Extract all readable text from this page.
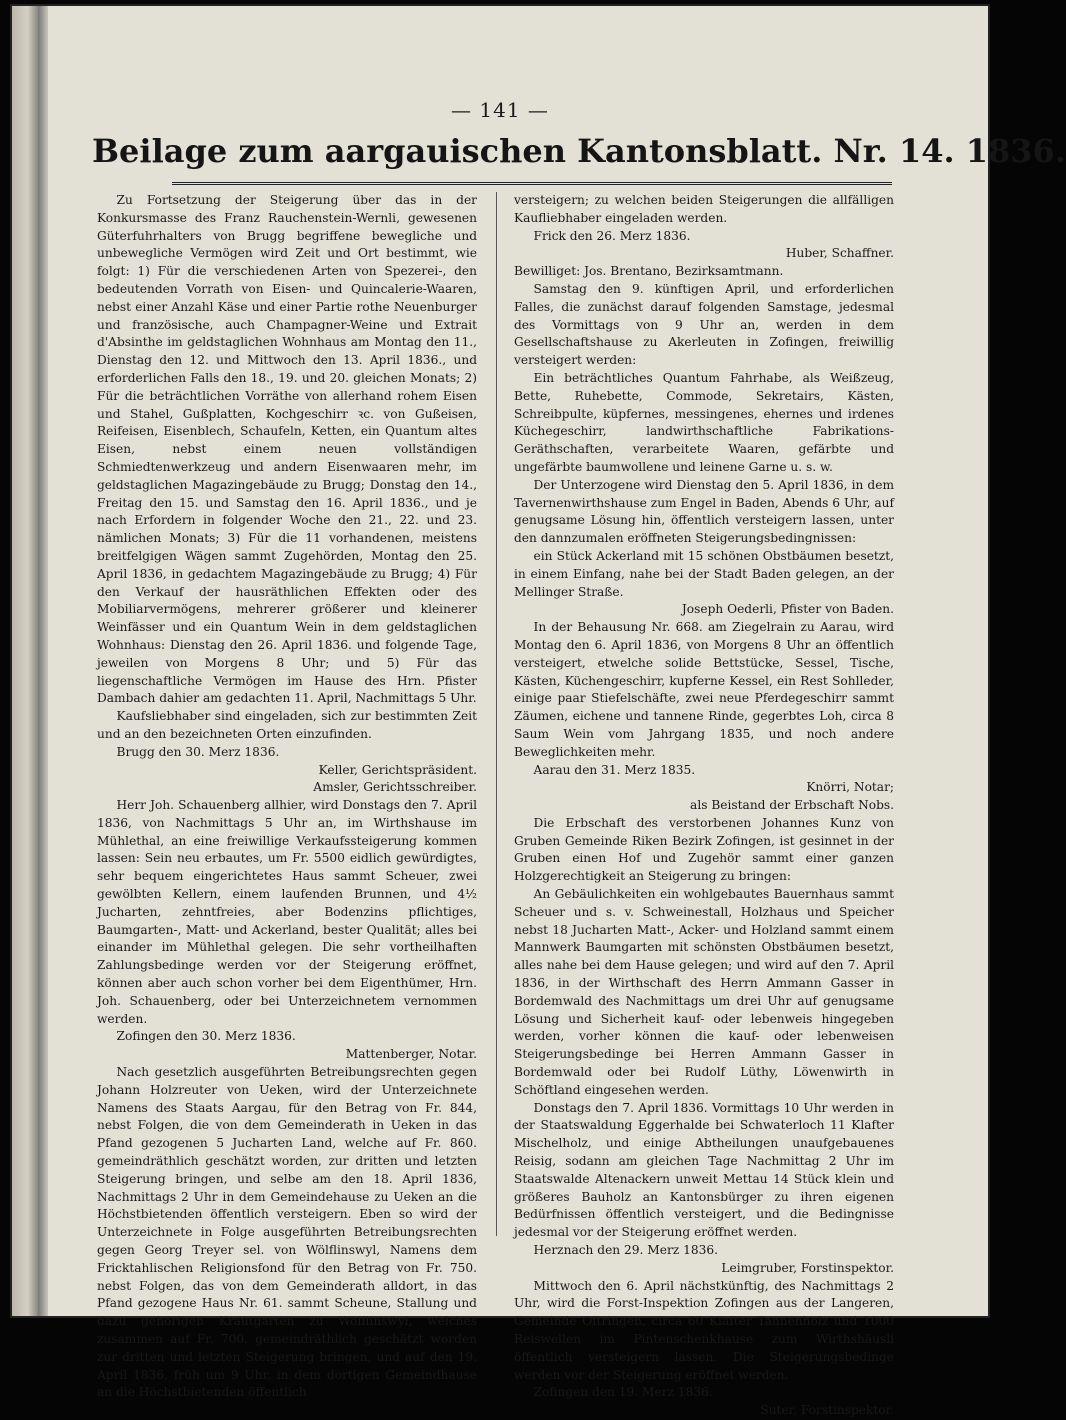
— 141 —
Beilage zum aargauischen Kantonsblatt. Nr. 14. 1836.

Zu Fortsetzung der Steigerung über das in der Konkursmasse des Franz Rauchenstein-Wernli, gewesenen Güterfuhrhalters von Brugg begriffene bewegliche und unbewegliche Vermögen wird Zeit und Ort bestimmt, wie folgt: 1) Für die verschiedenen Arten von Spezerei-, den bedeutenden Vorrath von Eisen- und Quincalerie-Waaren, nebst einer Anzahl Käse und einer Partie rothe Neuenburger und französische, auch Champagner-Weine und Extrait d'Absinthe im geldstaglichen Wohnhaus am Montag den 11., Dienstag den 12. und Mittwoch den 13. April 1836., und erforderlichen Falls den 18., 19. und 20. gleichen Monats; 2) Für die beträchtlichen Vorräthe von allerhand rohem Eisen und Stahel, Gußplatten, Kochgeschirr ꝛc. von Gußeisen, Reifeisen, Eisenblech, Schaufeln, Ketten, ein Quantum altes Eisen, nebst einem neuen vollständigen Schmiedtenwerkzeug und andern Eisenwaaren mehr, im geldstaglichen Magazingebäude zu Brugg; Donstag den 14., Freitag den 15. und Samstag den 16. April 1836., und je nach Erfordern in folgender Woche den 21., 22. und 23. nämlichen Monats; 3) Für die 11 vorhandenen, meistens breitfelgigen Wägen sammt Zugehörden, Montag den 25. April 1836, in gedachtem Magazingebäude zu Brugg; 4) Für den Verkauf der hausräthlichen Effekten oder des Mobiliarvermögens, mehrerer größerer und kleinerer Weinfässer und ein Quantum Wein in dem geldstaglichen Wohnhaus: Dienstag den 26. April 1836. und folgende Tage, jeweilen von Morgens 8 Uhr; und 5) Für das liegenschaftliche Vermögen im Hause des Hrn. Pfister Dambach dahier am gedachten 11. April, Nachmittags 5 Uhr.

Kaufsliebhaber sind eingeladen, sich zur bestimmten Zeit und an den bezeichneten Orten einzufinden.

Brugg den 30. Merz 1836.

Keller, Gerichtspräsident.

Amsler, Gerichtsschreiber.

Herr Joh. Schauenberg allhier, wird Donstags den 7. April 1836, von Nachmittags 5 Uhr an, im Wirthshause im Mühlethal, an eine freiwillige Verkaufssteigerung kommen lassen: Sein neu erbautes, um Fr. 5500 eidlich gewürdigtes, sehr bequem eingerichtetes Haus sammt Scheuer, zwei gewölbten Kellern, einem laufenden Brunnen, und 4½ Jucharten, zehntfreies, aber Bodenzins pflichtiges, Baumgarten-, Matt- und Ackerland, bester Qualität; alles bei einander im Mühlethal gelegen. Die sehr vortheilhaften Zahlungsbedinge werden vor der Steigerung eröffnet, können aber auch schon vorher bei dem Eigenthümer, Hrn. Joh. Schauenberg, oder bei Unterzeichnetem vernommen werden.

Zofingen den 30. Merz 1836.

Mattenberger, Notar.

Nach gesetzlich ausgeführten Betreibungsrechten gegen Johann Holzreuter von Ueken, wird der Unterzeichnete Namens des Staats Aargau, für den Betrag von Fr. 844, nebst Folgen, die von dem Gemeinderath in Ueken in das Pfand gezogenen 5 Jucharten Land, welche auf Fr. 860. gemeindräthlich geschätzt worden, zur dritten und letzten Steigerung bringen, und selbe am den 18. April 1836, Nachmittags 2 Uhr in dem Gemeindehause zu Ueken an die Höchstbietenden öffentlich versteigern. Eben so wird der Unterzeichnete in Folge ausgeführten Betreibungsrechten gegen Georg Treyer sel. von Wölflinswyl, Namens dem Fricktahlischen Religionsfond für den Betrag von Fr. 750. nebst Folgen, das von dem Gemeinderath alldort, in das Pfand gezogene Haus Nr. 61. sammt Scheune, Stallung und dazu gehörigen Krautgarten zu Wölflinswyl, welches zusammen auf Fr. 700. gemeindräthlich geschätzt worden zur dritten und letzten Steigerung bringen, und auf den 19. April 1836, früh um 9 Uhr, in dem dortigen Gemeindhause an die Höchstbietenden öffentlich

versteigern; zu welchen beiden Steigerungen die allfälligen Kaufliebhaber eingeladen werden.

Frick den 26. Merz 1836.

Huber, Schaffner.

Bewilliget: Jos. Brentano, Bezirksamtmann.

Samstag den 9. künftigen April, und erforderlichen Falles, die zunächst darauf folgenden Samstage, jedesmal des Vormittags von 9 Uhr an, werden in dem Gesellschaftshause zu Akerleuten in Zofingen, freiwillig versteigert werden:

Ein beträchtliches Quantum Fahrhabe, als Weißzeug, Bette, Ruhebette, Commode, Sekretairs, Kästen, Schreibpulte, küpfernes, messingenes, ehernes und irdenes Küchegeschirr, landwirthschaftliche Fabrikations- Geräthschaften, verarbeitete Waaren, gefärbte und ungefärbte baumwollene und leinene Garne u. s. w.

Der Unterzogene wird Dienstag den 5. April 1836, in dem Tavernenwirthshause zum Engel in Baden, Abends 6 Uhr, auf genugsame Lösung hin, öffentlich versteigern lassen, unter den dannzumalen eröffneten Steigerungsbedingnissen:

ein Stück Ackerland mit 15 schönen Obstbäumen besetzt, in einem Einfang, nahe bei der Stadt Baden gelegen, an der Mellinger Straße.

Joseph Oederli, Pfister von Baden.

In der Behausung Nr. 668. am Ziegelrain zu Aarau, wird Montag den 6. April 1836, von Morgens 8 Uhr an öffentlich versteigert, etwelche solide Bettstücke, Sessel, Tische, Kästen, Küchengeschirr, kupferne Kessel, ein Rest Sohlleder, einige paar Stiefelschäfte, zwei neue Pferdegeschirr sammt Zäumen, eichene und tannene Rinde, gegerbtes Loh, circa 8 Saum Wein vom Jahrgang 1835, und noch andere Beweglichkeiten mehr.

Aarau den 31. Merz 1835.

Knörri, Notar;

als Beistand der Erbschaft Nobs.

Die Erbschaft des verstorbenen Johannes Kunz von Gruben Gemeinde Riken Bezirk Zofingen, ist gesinnet in der Gruben einen Hof und Zugehör sammt einer ganzen Holzgerechtigkeit an Steigerung zu bringen:

An Gebäulichkeiten ein wohlgebautes Bauernhaus sammt Scheuer und s. v. Schweinestall, Holzhaus und Speicher nebst 18 Jucharten Matt-, Acker- und Holzland sammt einem Mannwerk Baumgarten mit schönsten Obstbäumen besetzt, alles nahe bei dem Hause gelegen; und wird auf den 7. April 1836, in der Wirthschaft des Herrn Ammann Gasser in Bordemwald des Nachmittags um drei Uhr auf genugsame Lösung und Sicherheit kauf- oder lebenweis hingegeben werden, vorher können die kauf- oder lebenweisen Steigerungsbedinge bei Herren Ammann Gasser in Bordemwald oder bei Rudolf Lüthy, Löwenwirth in Schöftland eingesehen werden.

Donstags den 7. April 1836. Vormittags 10 Uhr werden in der Staatswaldung Eggerhalde bei Schwaterloch 11 Klafter Mischelholz, und einige Abtheilungen unaufgebauenes Reisig, sodann am gleichen Tage Nachmittag 2 Uhr im Staatswalde Altenackern unweit Mettau 14 Stück klein und größeres Bauholz an Kantonsbürger zu ihren eigenen Bedürfnissen öffentlich versteigert, und die Bedingnisse jedesmal vor der Steigerung eröffnet werden.

Herznach den 29. Merz 1836.

Leimgruber, Forstinspektor.

Mittwoch den 6. April nächstkünftig, des Nachmittags 2 Uhr, wird die Forst-Inspektion Zofingen aus der Langeren, Gemeinde Oftringen, circa 60 Klafter Tannenholz und 1000 Reiswellen im Pintenschenkhause zum Wirthshäusli öffentlich versteigern lassen. Die Steigerungsbedinge werden vor der Steigerung eröffnet werden.

Zofingen den 19. Merz 1836.

Suter, Forstinspektor.
